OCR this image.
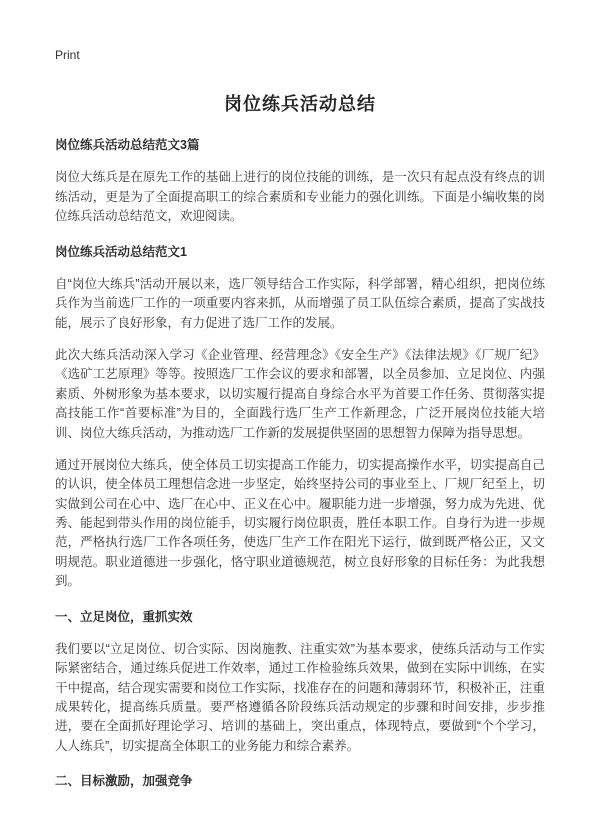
Print
岗位练兵活动总结
岗位练兵活动总结范文3篇
岗位大练兵是在原先工作的基础上进行的岗位技能的训练，是一次只有起点没有终点的训练活动，更是为了全面提高职工的综合素质和专业能力的强化训练。下面是小编收集的岗位练兵活动总结范文，欢迎阅读。
岗位练兵活动总结范文1
自“岗位大练兵”活动开展以来，选厂领导结合工作实际，科学部署，精心组织，把岗位练兵作为当前选厂工作的一项重要内容来抓，从而增强了员工队伍综合素质，提高了实战技能，展示了良好形象，有力促进了选厂工作的发展。
此次大练兵活动深入学习《企业管理、经营理念》《安全生产》《法律法规》《厂规厂纪》《选矿工艺原理》等等。按照选厂工作会议的要求和部署，以全员参加、立足岗位、内强素质、外树形象为基本要求，以切实履行提高自身综合水平为首要工作任务、贯彻落实提高技能工作“首要标准”为目的，全面践行选厂生产工作新理念，广泛开展岗位技能大培训、岗位大练兵活动，为推动选厂工作新的发展提供坚固的思想智力保障为指导思想。
通过开展岗位大练兵，使全体员工切实提高工作能力，切实提高操作水平，切实提高自己的认识，使全体员工理想信念进一步坚定，始终坚持公司的事业至上、厂规厂纪至上，切实做到公司在心中、选厂在心中、正义在心中。履职能力进一步增强，努力成为先进、优秀、能起到带头作用的岗位能手，切实履行岗位职责，胜任本职工作。自身行为进一步规范，严格执行选厂工作各项任务，使选厂生产工作在阳光下运行，做到既严格公正，又文明规范。职业道德进一步强化，恪守职业道德规范，树立良好形象的目标任务：为此我想到。
一、立足岗位，重抓实效
我们要以“立足岗位、切合实际、因岗施教、注重实效”为基本要求，使练兵活动与工作实际紧密结合，通过练兵促进工作效率，通过工作检验练兵效果，做到在实际中训练，在实干中提高，结合现实需要和岗位工作实际，找准存在的问题和薄弱环节，积极补正，注重成果转化，提高练兵质量。要严格遵循各阶段练兵活动规定的步骤和时间安排，步步推进，要在全面抓好理论学习、培训的基础上，突出重点，体现特点，要做到“个个学习，人人练兵”，切实提高全体职工的业务能力和综合素养。
二、目标激励，加强竞争
